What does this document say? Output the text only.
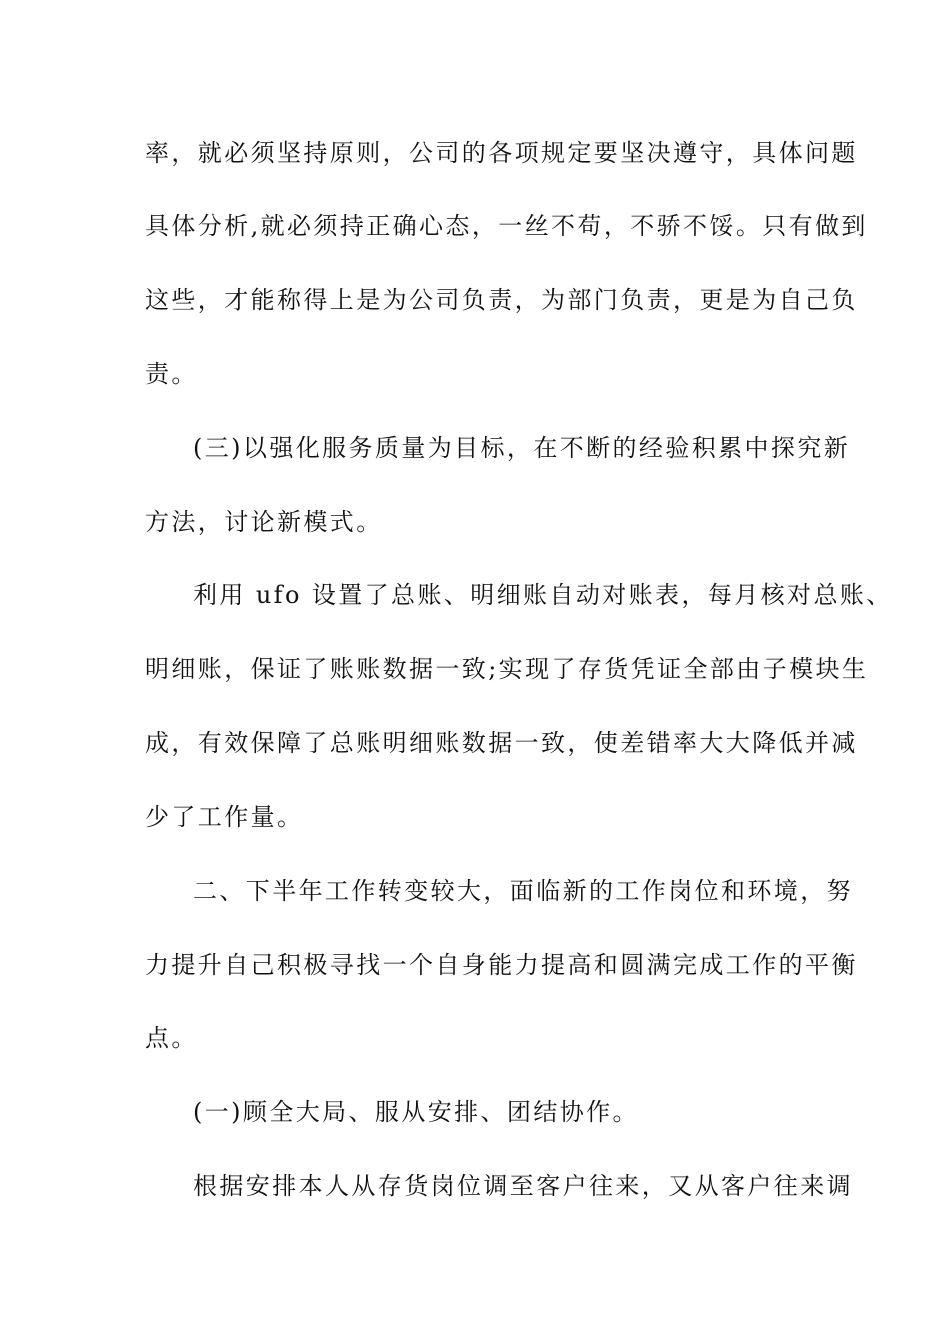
率，就必须坚持原则，公司的各项规定要坚决遵守，具体问题
具体分析,就必须持正确心态，一丝不苟，不骄不馁。只有做到
这些，才能称得上是为公司负责，为部门负责，更是为自己负
责。
(三)以强化服务质量为目标，在不断的经验积累中探究新
方法，讨论新模式。
利用 ufo 设置了总账、明细账自动对账表，每月核对总账、
明细账，保证了账账数据一致;实现了存货凭证全部由子模块生
成，有效保障了总账明细账数据一致，使差错率大大降低并减
少了工作量。
二、下半年工作转变较大，面临新的工作岗位和环境，努
力提升自己积极寻找一个自身能力提高和圆满完成工作的平衡
点。
(一)顾全大局、服从安排、团结协作。
根据安排本人从存货岗位调至客户往来，又从客户往来调
